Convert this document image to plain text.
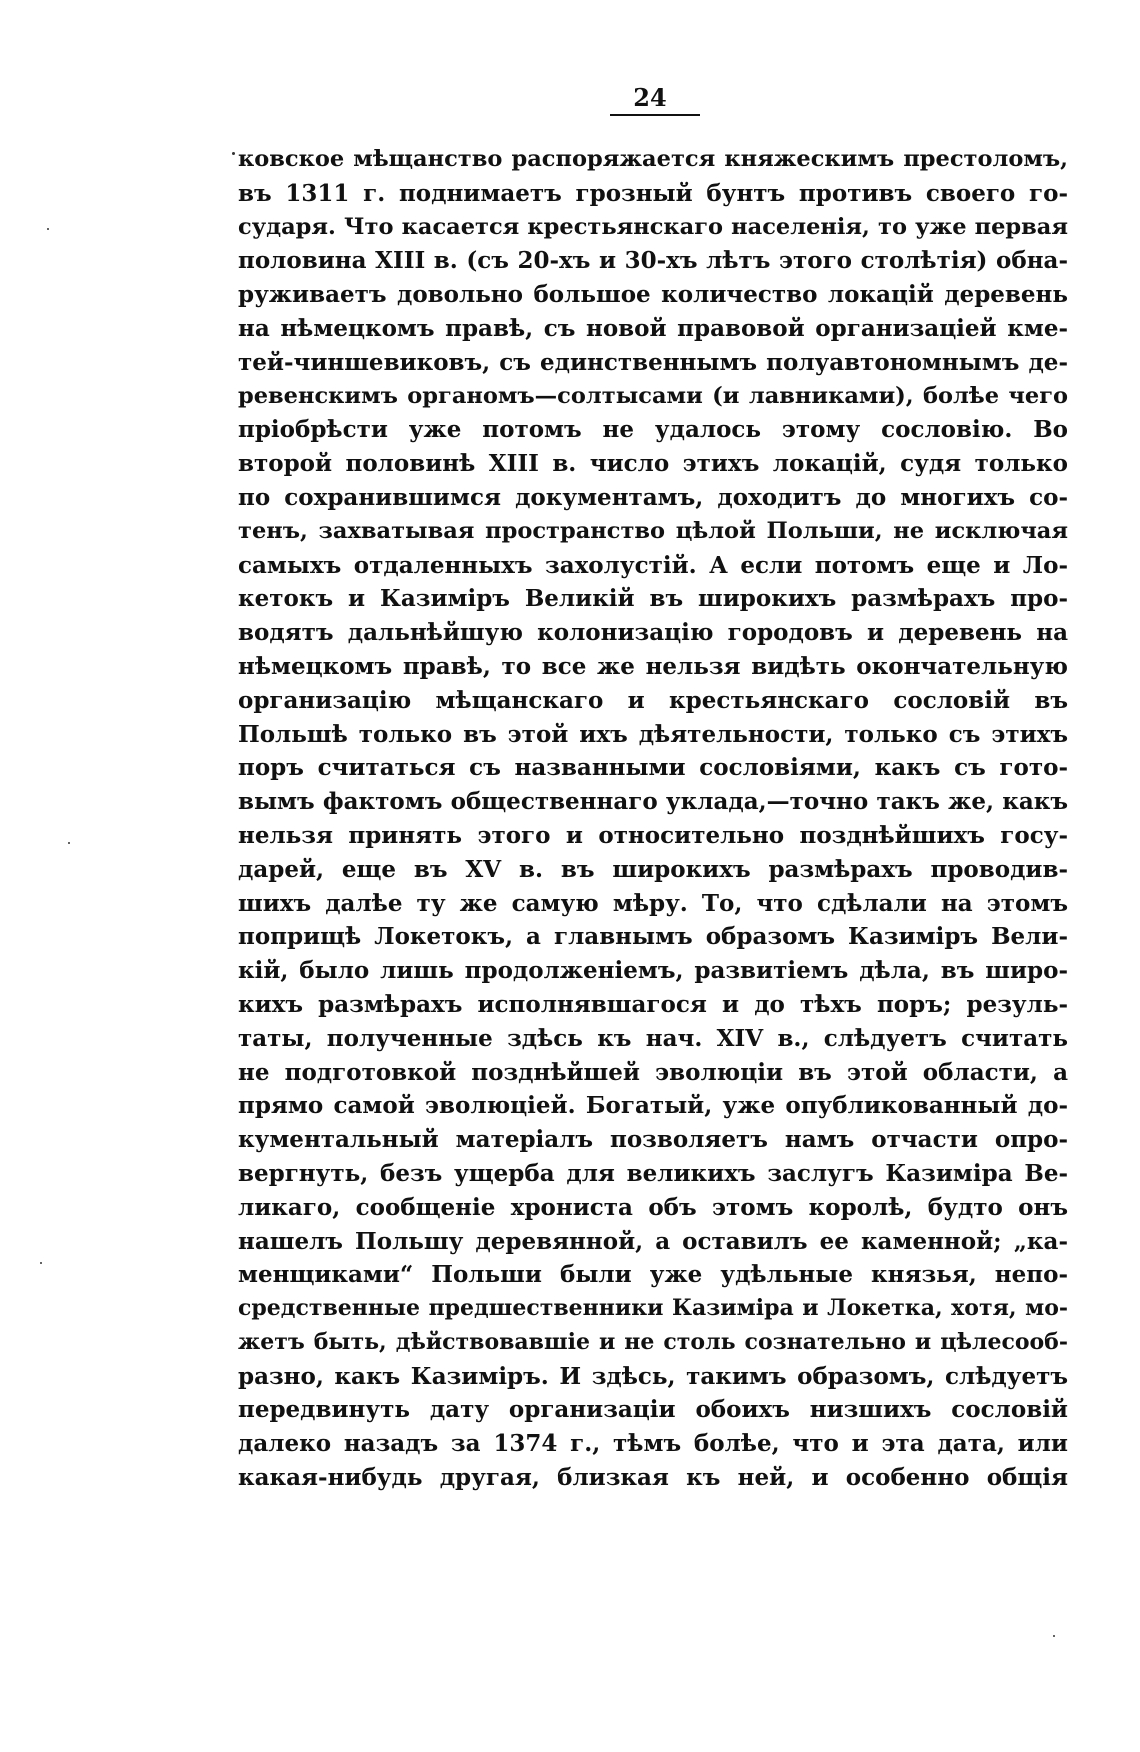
24
ковское мѣщанство распоряжается княжескимъ престоломъ,
въ 1311 г. поднимаетъ грозный бунтъ противъ своего го-
сударя. Что касается крестьянскаго населенія, то уже первая
половина XIII в. (съ 20-хъ и 30-хъ лѣтъ этого столѣтія) обна-
руживаетъ довольно большое количество локацій деревень
на нѣмецкомъ правѣ, съ новой правовой организаціей кме-
тей-чиншевиковъ, съ единственнымъ полуавтономнымъ де-
ревенскимъ органомъ—солтысами (и лавниками), болѣе чего
пріобрѣсти уже потомъ не удалось этому сословію. Во
второй половинѣ XIII в. число этихъ локацій, судя только
по сохранившимся документамъ, доходитъ до многихъ со-
тенъ, захватывая пространство цѣлой Польши, не исключая
самыхъ отдаленныхъ захолустій. А если потомъ еще и Ло-
кетокъ и Казиміръ Великій въ широкихъ размѣрахъ про-
водятъ дальнѣйшую колонизацію городовъ и деревень на
нѣмецкомъ правѣ, то все же нельзя видѣть окончательную
организацію мѣщанскаго и крестьянскаго сословій въ
Польшѣ только въ этой ихъ дѣятельности, только съ этихъ
поръ считаться съ названными сословіями, какъ съ гото-
вымъ фактомъ общественнаго уклада,—точно такъ же, какъ
нельзя принять этого и относительно позднѣйшихъ госу-
дарей, еще въ XV в. въ широкихъ размѣрахъ проводив-
шихъ далѣе ту же самую мѣру. То, что сдѣлали на этомъ
поприщѣ Локетокъ, а главнымъ образомъ Казиміръ Вели-
кій, было лишь продолженіемъ, развитіемъ дѣла, въ широ-
кихъ размѣрахъ исполнявшагося и до тѣхъ поръ; резуль-
таты, полученные здѣсь къ нач. XIV в., слѣдуетъ считать
не подготовкой позднѣйшей эволюціи въ этой области, а
прямо самой эволюціей. Богатый, уже опубликованный до-
кументальный матеріалъ позволяетъ намъ отчасти опро-
вергнуть, безъ ущерба для великихъ заслугъ Казиміра Ве-
ликаго, сообщеніе хрониста объ этомъ королѣ, будто онъ
нашелъ Польшу деревянной, а оставилъ ее каменной; „ка-
менщиками“ Польши были уже удѣльные князья, непо-
средственные предшественники Казиміра и Локетка, хотя, мо-
жетъ быть, дѣйствовавшіе и не столь сознательно и цѣлесооб-
разно, какъ Казиміръ. И здѣсь, такимъ образомъ, слѣдуетъ
передвинуть дату организаціи обоихъ низшихъ сословій
далеко назадъ за 1374 г., тѣмъ болѣе, что и эта дата, или
какая-нибудь другая, близкая къ ней, и особенно общія
